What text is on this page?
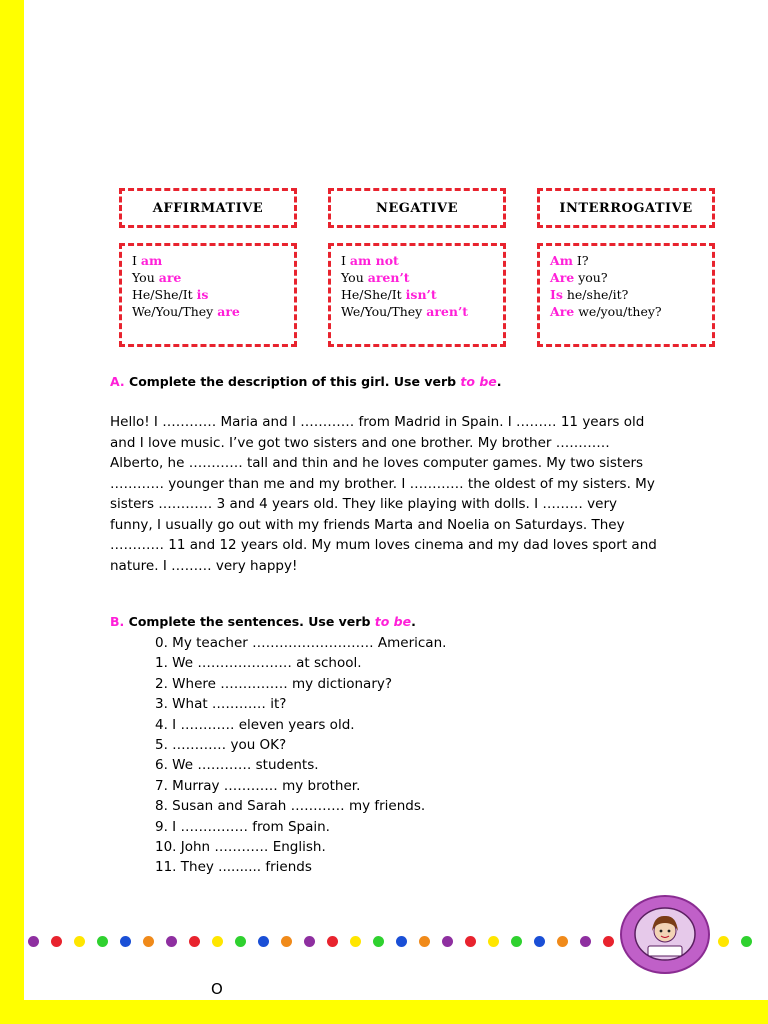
AFFIRMATIVE	NEGATIVE	INTERROGATIVE
I am
You are
He/She/It is
We/You/They are
I am not
You aren’t
He/She/It isn’t
We/You/They aren’t
Am I?
Are you?
Is he/she/it?
Are we/you/they?
A. Complete the description of this girl. Use verb to be.
Hello! I ………… Maria and I ………… from Madrid in Spain. I ……… 11 years old and I love music. I’ve got two sisters and one brother. My brother ………… Alberto, he ………… tall and thin and he loves computer games. My two sisters ………… younger than me and my brother. I ………… the oldest of my sisters. My sisters ………… 3 and 4 years old. They like playing with dolls. I ……… very funny, I usually go out with my friends Marta and Noelia on Saturdays. They ………… 11 and 12 years old. My mum loves cinema and my dad loves sport and nature. I ……… very happy!
B. Complete the sentences. Use verb to be.
0. My teacher ……………………… American.
1. We ………………… at school.
2. Where …………… my dictionary?
3. What ………… it?
4. I ………… eleven years old.
5. ………… you OK?
6. We ………… students.
7. Murray ………… my brother.
8. Susan and Sarah ………… my friends.
9. I …………… from Spain.
10. John ………… English.
11. They .......... friends
O
